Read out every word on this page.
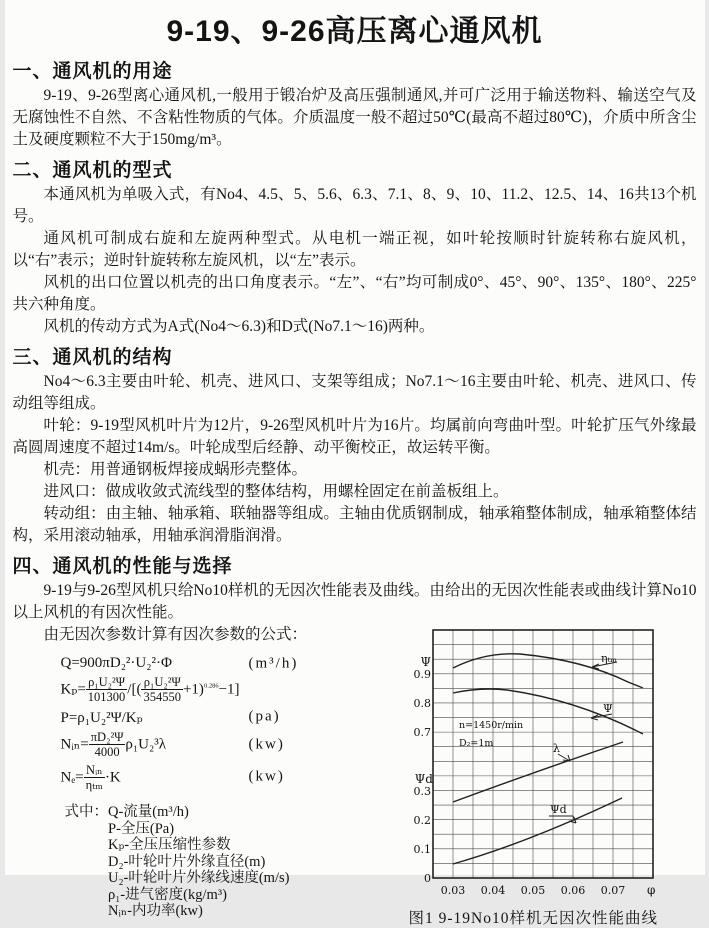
9-19、9-26高压离心通风机
一、通风机的用途

9-19、9-26型离心通风机,一般用于锻冶炉及高压强制通风,并可广泛用于输送物料、输送空气及无腐蚀性不自然、不含粘性物质的气体。介质温度一般不超过50℃(最高不超过80℃)，介质中所含尘土及硬度颗粒不大于150mg/m³。

二、通风机的型式

本通风机为单吸入式，有No4、4.5、5、5.6、6.3、7.1、8、9、10、11.2、12.5、14、16共13个机号。

通风机可制成右旋和左旋两种型式。从电机一端正视，如叶轮按顺时针旋转称右旋风机，以“右”表示；逆时针旋转称左旋风机，以“左”表示。

风机的出口位置以机壳的出口角度表示。“左”、“右”均可制成0°、45°、90°、135°、180°、225°共六种角度。

风机的传动方式为A式(No4～6.3)和D式(No7.1～16)两种。

三、通风机的结构

No4～6.3主要由叶轮、机壳、进风口、支架等组成；No7.1～16主要由叶轮、机壳、进风口、传动组等组成。

叶轮：9-19型风机叶片为12片，9-26型风机叶片为16片。均属前向弯曲叶型。叶轮扩压气外缘最高圆周速度不超过14m/s。叶轮成型后经静、动平衡校正，故运转平衡。

机壳：用普通钢板焊接成蜗形壳整体。

进风口：做成收敛式流线型的整体结构，用螺栓固定在前盖板组上。

转动组：由主轴、轴承箱、联轴器等组成。主轴由优质钢制成，轴承箱整体制成，轴承箱整体结构，采用滚动轴承，用轴承润滑脂润滑。

四、通风机的性能与选择

9-19与9-26型风机只给No10样机的无因次性能表及曲线。由给出的无因次性能表或曲线计算No10以上风机的有因次性能。

由无因次参数计算有因次参数的公式：

Q=900πD₂²·U₂²·Φ	(m³/h)
$K_p= \frac{\text{ρ₁U₂²Ψ}}{101300}$ /[( $\frac{\text{ρ₁U₂²Ψ}}{354550} +1)^{0.286}-1$]
P=ρ₁U₂²Ψ/Kₚ	(pa)
Nᵢₙ= $\frac{\text{πD₂²Ψ}}{4000} \rho_1U_2^3\lambda$	(kw)
$N_e= \frac{\text{Nᵢₙ}}{\text{ηₜₘ}} \cdot K$	(kw)
式中： Q-流量(m³/h)
P-全压(Pa)
Kₚ-全压压缩性参数
D₂-叶轮叶片外缘直径(m)
U₂-叶轮叶片外缘线速度(m/s)
ρ₁-进气密度(kg/m³)
Nᵢₙ-内功率(kw)
Ψ
Ψd
φ
0.9
0.8
0.7
0.3
0.2
0.1
0
0.03 0.04 0.05 0.06 0.07
n=1450r/min
D₂=1m
ηₜₘ
Ψ
λ
Ψd
图1 9-19No10样机无因次性能曲线
